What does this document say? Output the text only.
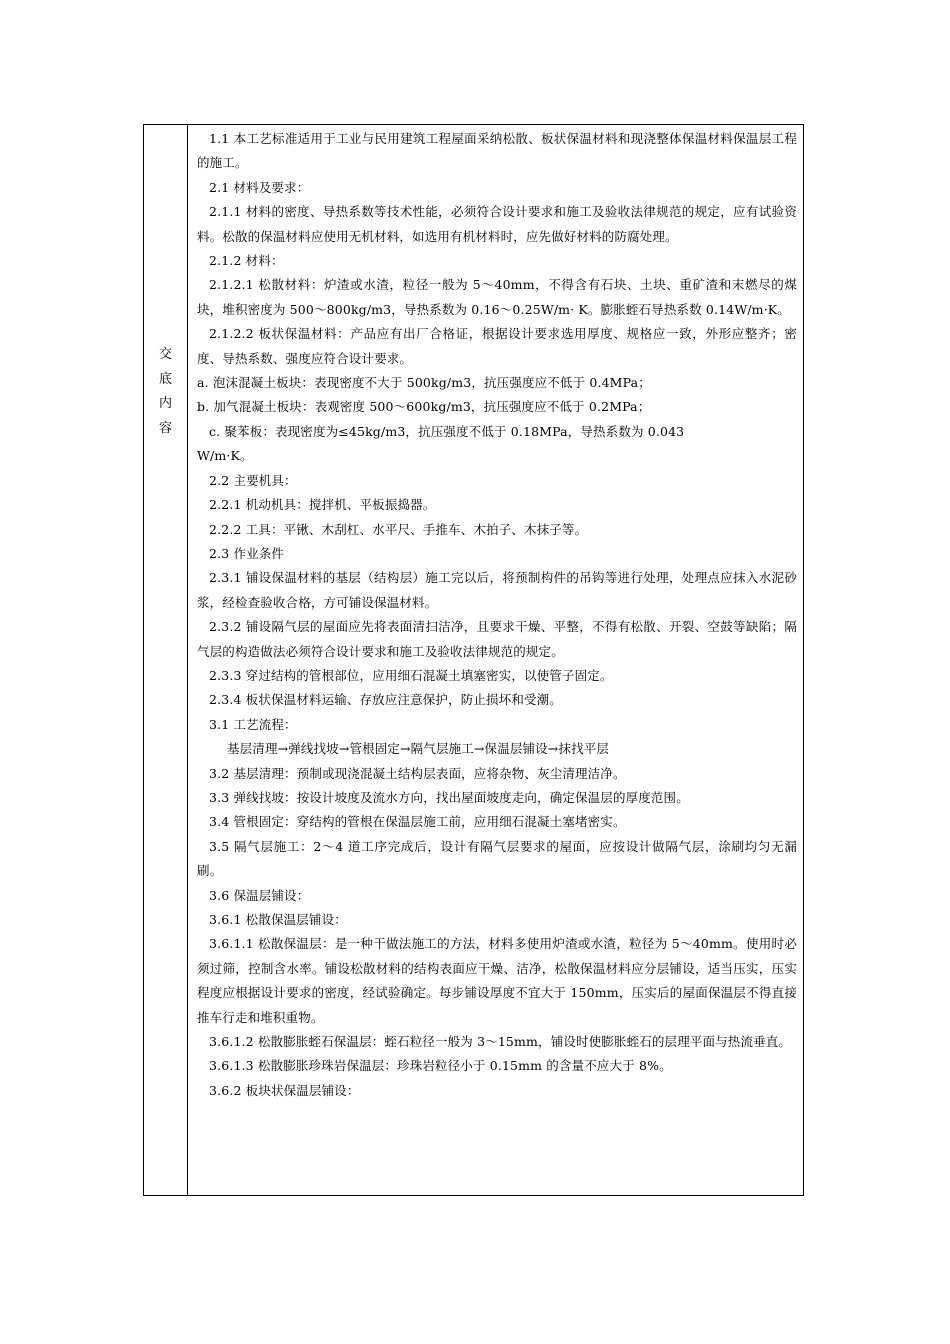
交
底
内
容

1.1 本工艺标准适用于工业与民用建筑工程屋面采纳松散、板状保温材料和现浇整体保温材料保温层工程的施工。

2.1 材料及要求：

2.1.1 材料的密度、导热系数等技术性能，必须符合设计要求和施工及验收法律规范的规定，应有试验资料。松散的保温材料应使用无机材料，如选用有机材料时，应先做好材料的防腐处理。

2.1.2 材料：

2.1.2.1 松散材料：炉渣或水渣，粒径一般为 5～40mm，不得含有石块、土块、重矿渣和末燃尽的煤块，堆积密度为 500～800kg/m3，导热系数为 0.16～0.25W/m· K。膨胀蛭石导热系数 0.14W/m·K。

2.1.2.2 板状保温材料：产品应有出厂合格证，根据设计要求选用厚度、规格应一致，外形应整齐；密度、导热系数、强度应符合设计要求。

a. 泡沫混凝土板块：表现密度不大于 500kg/m3，抗压强度应不低于 0.4MPa；

b. 加气混凝土板块：表观密度 500～600kg/m3，抗压强度应不低于 0.2MPa；

c. 聚苯板：表现密度为≤45kg/m3，抗压强度不低于 0.18MPa，导热系数为 0.043

W/m·K。

2.2 主要机具：

2.2.1 机动机具：搅拌机、平板振捣器。

2.2.2 工具：平锹、木刮杠、水平尺、手推车、木拍子、木抹子等。

2.3 作业条件

2.3.1 铺设保温材料的基层（结构层）施工完以后，将预制构件的吊钩等进行处理，处理点应抹入水泥砂浆，经检查验收合格，方可铺设保温材料。

2.3.2 铺设隔气层的屋面应先将表面清扫洁净，且要求干燥、平整，不得有松散、开裂、空鼓等缺陷；隔气层的构造做法必须符合设计要求和施工及验收法律规范的规定。

2.3.3 穿过结构的管根部位，应用细石混凝土填塞密实，以使管子固定。

2.3.4 板状保温材料运输、存放应注意保护，防止损坏和受潮。

3.1 工艺流程：

基层清理→弹线找坡→管根固定→隔气层施工→保温层铺设→抹找平层

3.2 基层清理：预制或现浇混凝土结构层表面，应将杂物、灰尘清理洁净。

3.3 弹线找坡：按设计坡度及流水方向，找出屋面坡度走向，确定保温层的厚度范围。

3.4 管根固定：穿结构的管根在保温层施工前，应用细石混凝土塞堵密实。

3.5 隔气层施工：2～4 道工序完成后，设计有隔气层要求的屋面，应按设计做隔气层，涂刷均匀无漏刷。

3.6 保温层铺设：

3.6.1 松散保温层铺设：

3.6.1.1 松散保温层：是一种干做法施工的方法，材料多使用炉渣或水渣，粒径为 5～40mm。使用时必须过筛，控制含水率。铺设松散材料的结构表面应干燥、洁净，松散保温材料应分层铺设，适当压实，压实程度应根据设计要求的密度，经试验确定。每步铺设厚度不宜大于 150mm，压实后的屋面保温层不得直接推车行走和堆积重物。

3.6.1.2 松散膨胀蛭石保温层：蛭石粒径一般为 3～15mm，铺设时使膨胀蛭石的层理平面与热流垂直。

3.6.1.3 松散膨胀珍珠岩保温层：珍珠岩粒径小于 0.15mm 的含量不应大于 8%。

3.6.2 板块状保温层铺设：
